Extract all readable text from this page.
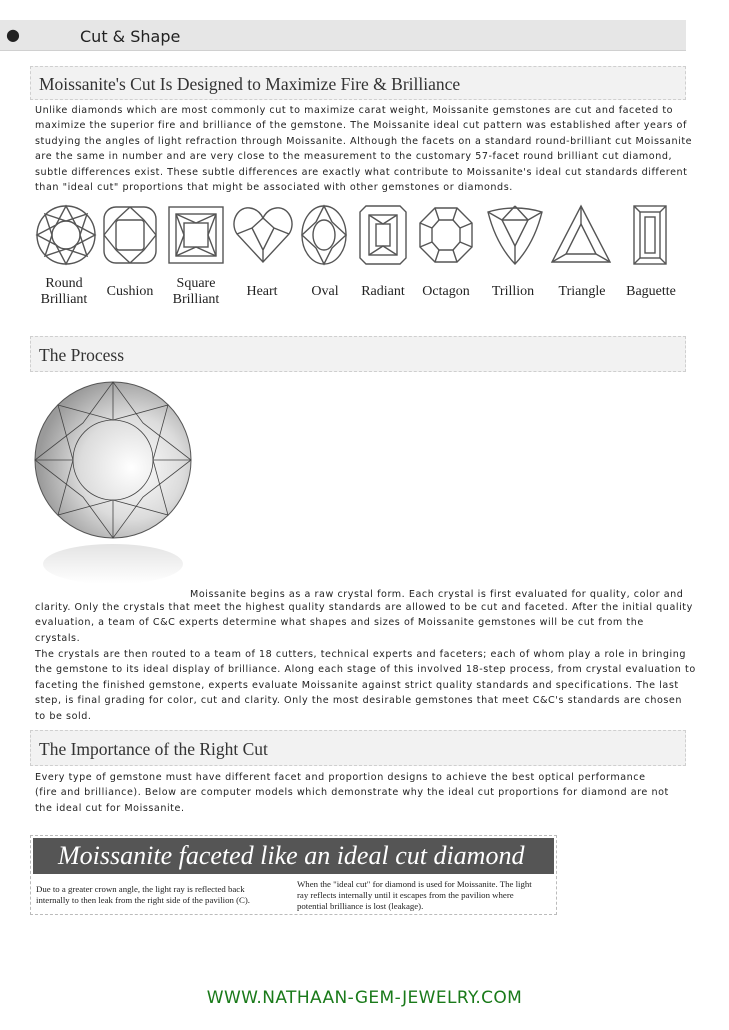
●	Cut & Shape
Moissanite's Cut Is Designed to Maximize Fire & Brilliance
Unlike diamonds which are most commonly cut to maximize carat weight, Moissanite gemstones are cut and faceted to
maximize the superior fire and brilliance of the gemstone. The Moissanite ideal cut pattern was established after years of
studying the angles of light refraction through Moissanite. Although the facets on a standard round-brilliant cut Moissanite
are the same in number and are very close to the measurement to the customary 57-facet round brilliant cut diamond,
subtle differences exist. These subtle differences are exactly what contribute to Moissanite's ideal cut standards different
than "ideal cut" proportions that might be associated with other gemstones or diamonds.
Round
Brilliant
Cushion
Square
Brilliant
Heart	Oval	Radiant	Octagon	Trillion	Triangle	Baguette
The Process
Moissanite begins as a raw crystal form. Each crystal is first evaluated for quality, color and
clarity. Only the crystals that meet the highest quality standards are allowed to be cut and faceted. After the initial quality
evaluation, a team of C&C experts determine what shapes and sizes of Moissanite gemstones will be cut from the
crystals.
The crystals are then routed to a team of 18 cutters, technical experts and faceters; each of whom play a role in bringing
the gemstone to its ideal display of brilliance. Along each stage of this involved 18-step process, from crystal evaluation to
faceting the finished gemstone, experts evaluate Moissanite against strict quality standards and specifications. The last
step, is final grading for color, cut and clarity. Only the most desirable gemstones that meet C&C's standards are chosen
to be sold.
The Importance of the Right Cut
Every type of gemstone must have different facet and proportion designs to achieve the best optical performance
(fire and brilliance). Below are computer models which demonstrate why the ideal cut proportions for diamond are not
the ideal cut for Moissanite.
Moissanite faceted like an ideal cut diamond
Due to a greater crown angle, the light ray is reflected back
internally to then leak from the right side of the pavilion (C).
When the "ideal cut" for diamond is used for Moissanite. The light
ray reflects internally until it escapes from the pavilion where
potential brilliance is lost (leakage).
WWW.NATHAAN-GEM-JEWELRY.COM
